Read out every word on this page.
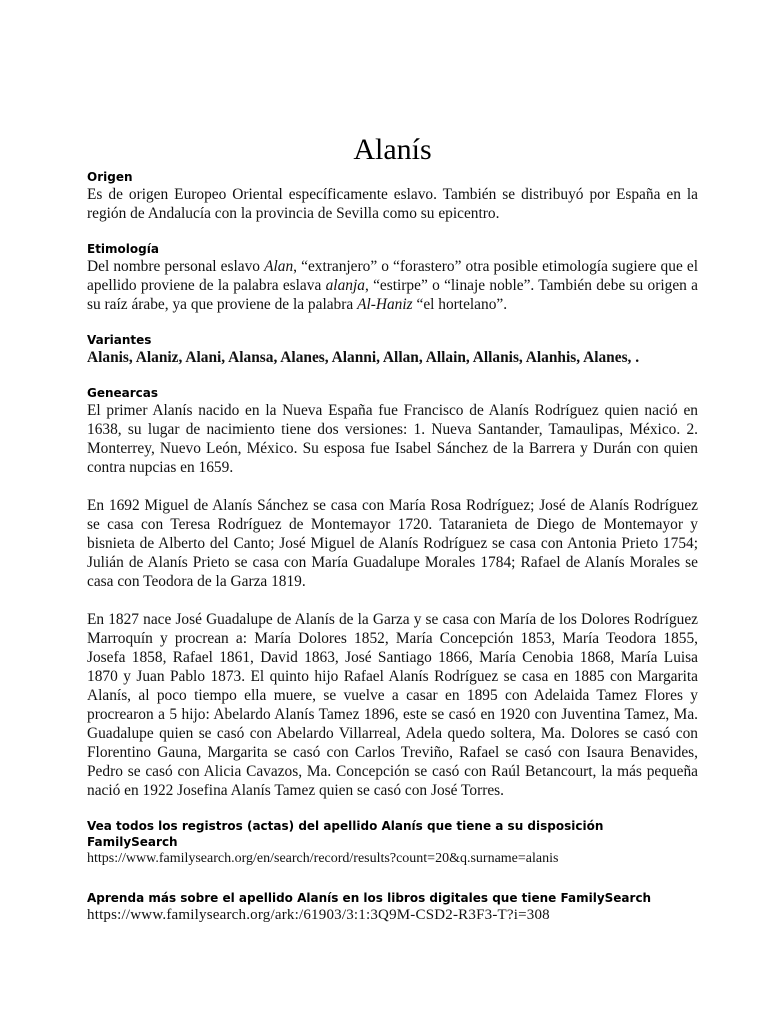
Alanís

Origen

Es de origen Europeo Oriental específicamente eslavo. También se distribuyó por España en la región de Andalucía con la provincia de Sevilla como su epicentro.

Etimología

Del nombre personal eslavo Alan, “extranjero” o “forastero” otra posible etimología sugiere que el apellido proviene de la palabra eslava alanja, “estirpe” o “linaje noble”. También debe su origen a su raíz árabe, ya que proviene de la palabra Al-Haniz “el hortelano”.

Variantes

Alanis, Alaniz, Alani, Alansa, Alanes, Alanni, Allan, Allain, Allanis, Alanhis, Alanes, .

Genearcas

El primer Alanís nacido en la Nueva España fue Francisco de Alanís Rodríguez quien nació en 1638, su lugar de nacimiento tiene dos versiones: 1. Nueva Santander, Tamaulipas, México. 2. Monterrey, Nuevo León, México. Su esposa fue Isabel Sánchez de la Barrera y Durán con quien contra nupcias en 1659.

En 1692 Miguel de Alanís Sánchez se casa con María Rosa Rodríguez; José de Alanís Rodríguez se casa con Teresa Rodríguez de Montemayor 1720. Tataranieta de Diego de Montemayor y bisnieta de Alberto del Canto; José Miguel de Alanís Rodríguez se casa con Antonia Prieto 1754; Julián de Alanís Prieto se casa con María Guadalupe Morales 1784; Rafael de Alanís Morales se casa con Teodora de la Garza 1819.

En 1827 nace José Guadalupe de Alanís de la Garza y se casa con María de los Dolores Rodríguez Marroquín y procrean a: María Dolores 1852, María Concepción 1853, María Teodora 1855, Josefa 1858, Rafael 1861, David 1863, José Santiago 1866, María Cenobia 1868, María Luisa 1870 y Juan Pablo 1873. El quinto hijo Rafael Alanís Rodríguez se casa en 1885 con Margarita Alanís, al poco tiempo ella muere, se vuelve a casar en 1895 con Adelaida Tamez Flores y procrearon a 5 hijo: Abelardo Alanís Tamez 1896, este se casó en 1920 con Juventina Tamez, Ma. Guadalupe quien se casó con Abelardo Villarreal, Adela quedo soltera, Ma. Dolores se casó con Florentino Gauna, Margarita se casó con Carlos Treviño, Rafael se casó con Isaura Benavides, Pedro se casó con Alicia Cavazos, Ma. Concepción se casó con Raúl Betancourt, la más pequeña nació en 1922 Josefina Alanís Tamez quien se casó con José Torres.

Vea todos los registros (actas) del apellido Alanís que tiene a su disposición FamilySearch

https://www.familysearch.org/en/search/record/results?count=20&q.surname=alanis

Aprenda más sobre el apellido Alanís en los libros digitales que tiene FamilySearch

https://www.familysearch.org/ark:/61903/3:1:3Q9M-CSD2-R3F3-T?i=308
